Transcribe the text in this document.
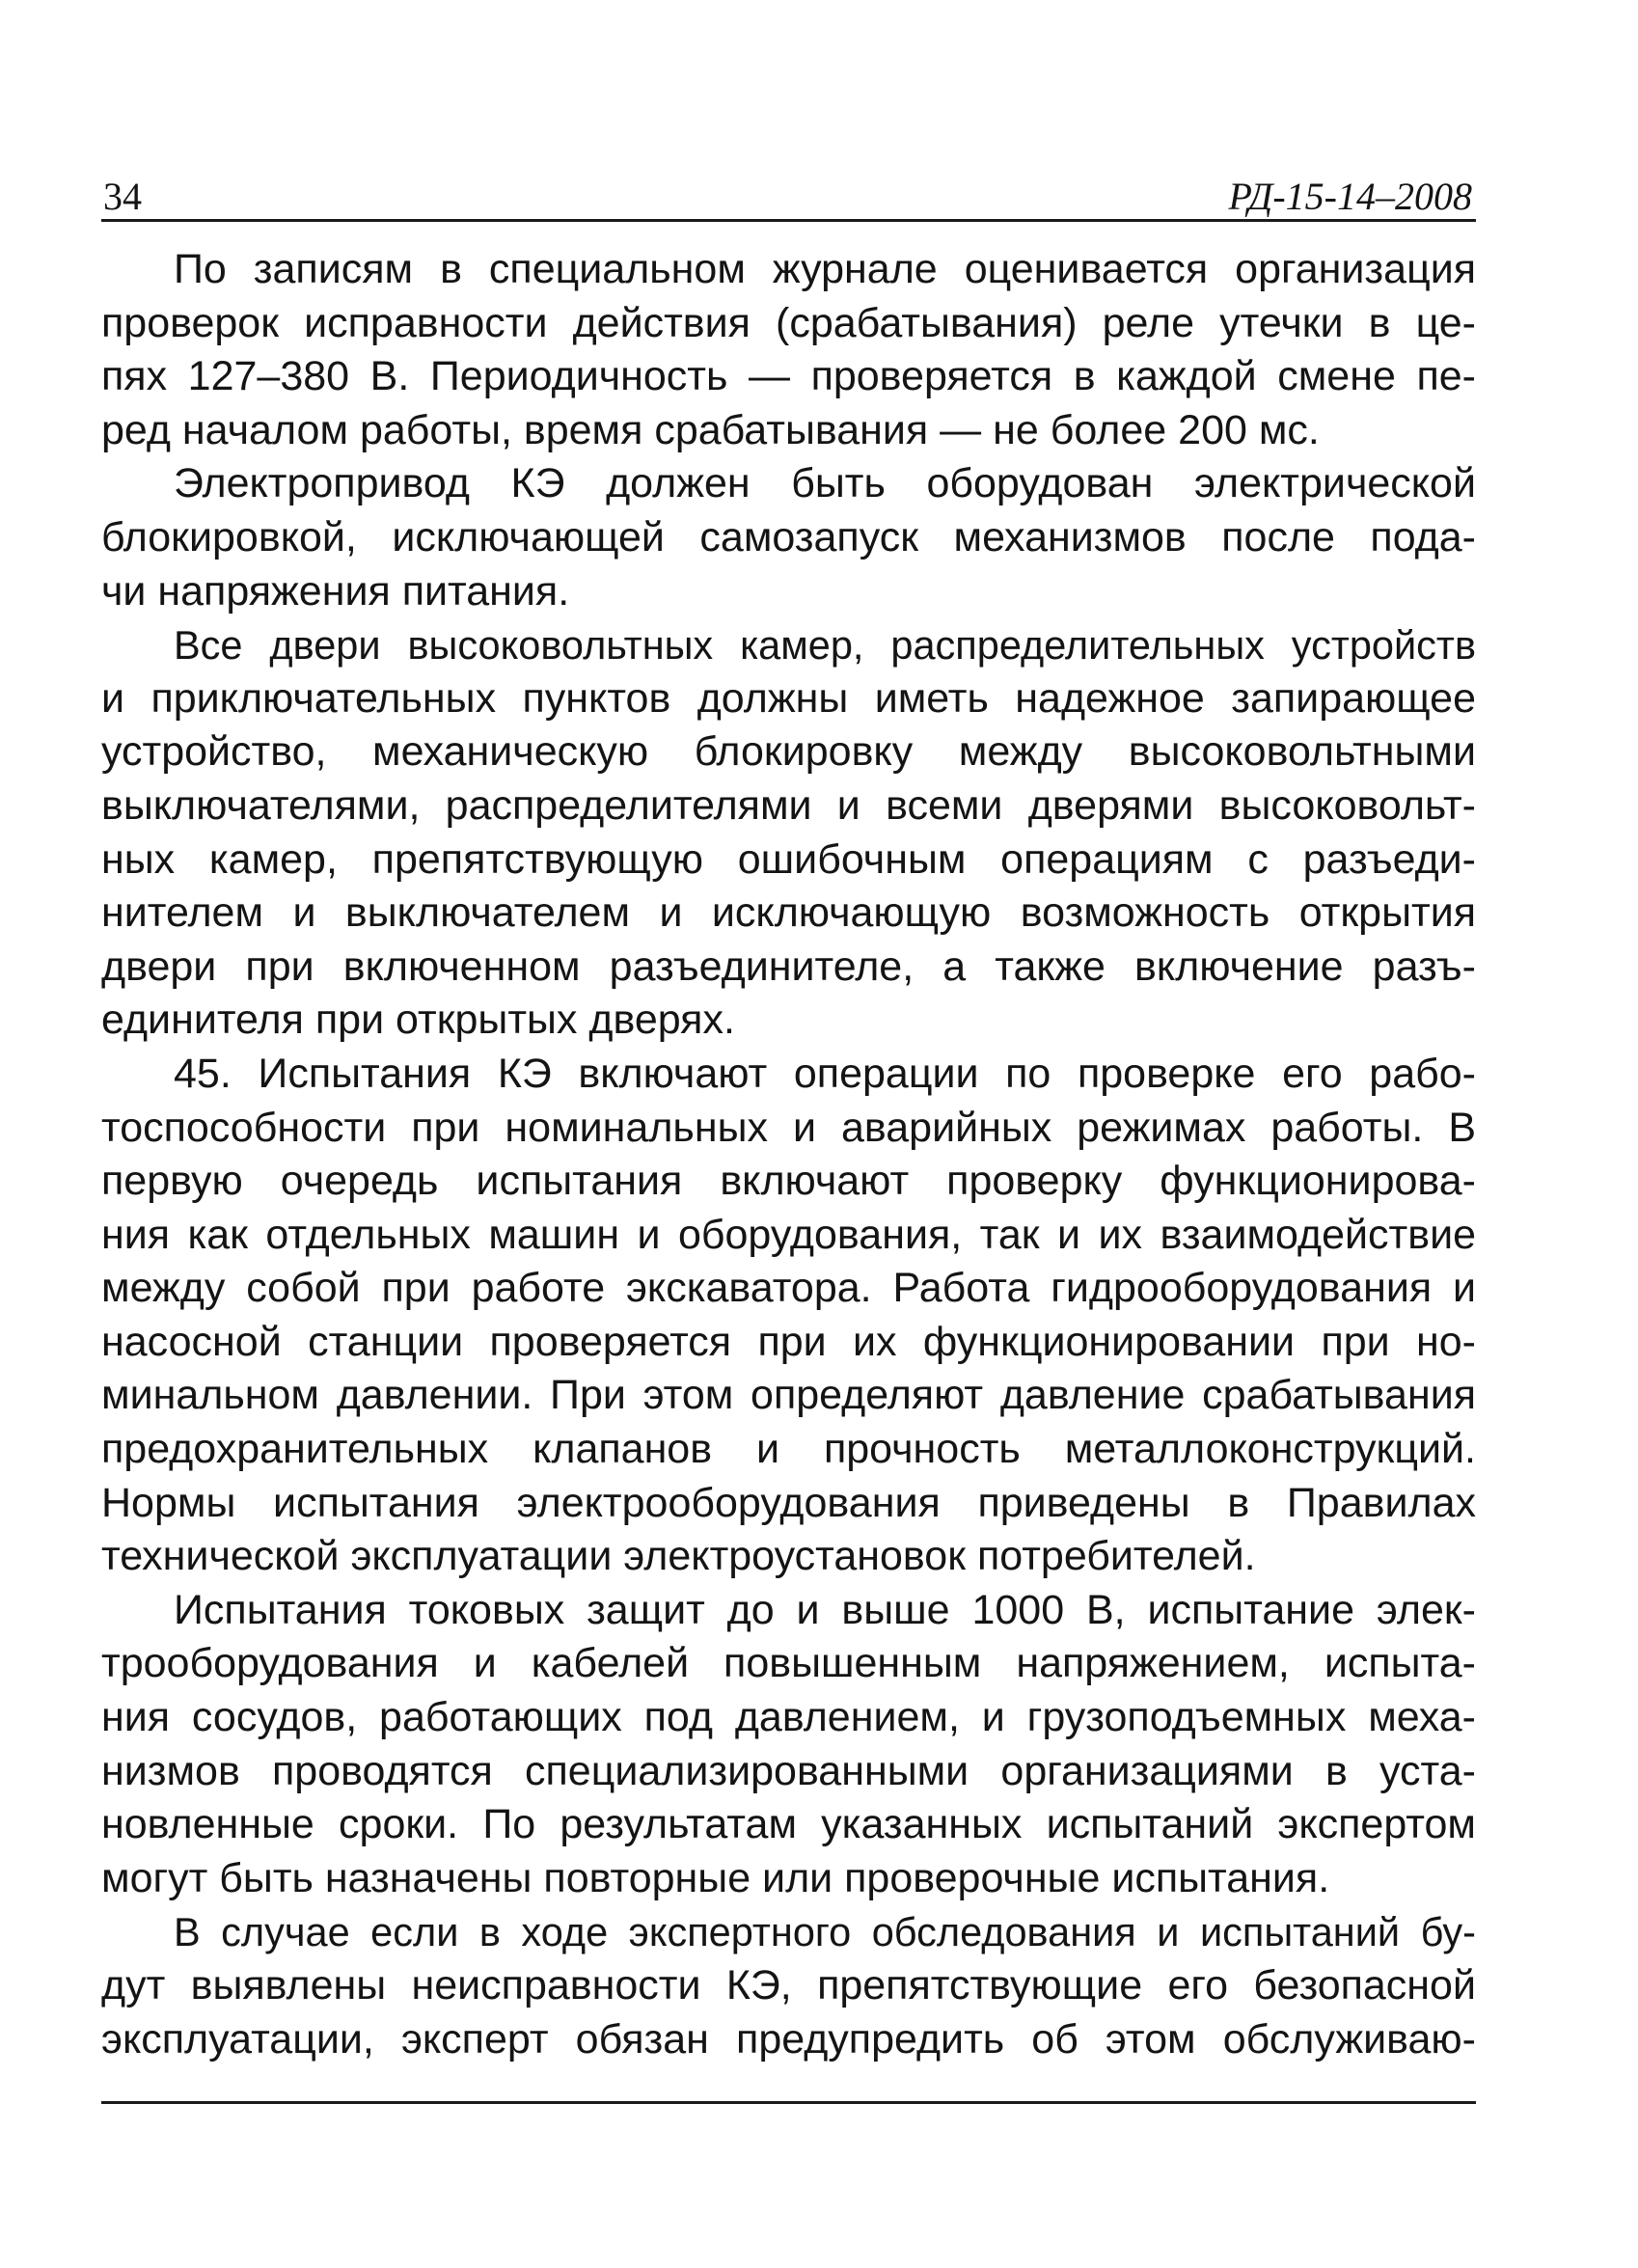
34	РД-15-14–2008
По записям в специальном журнале оценивается организация
проверок исправности действия (срабатывания) реле утечки в це-
пях 127–380 В. Периодичность — проверяется в каждой смене пе-
ред началом работы, время срабатывания — не более 200 мс.
Электропривод КЭ должен быть оборудован электрической
блокировкой, исключающей самозапуск механизмов после пода-
чи напряжения питания.
Все двери высоковольтных камер, распределительных устройств
и приключательных пунктов должны иметь надежное запирающее
устройство, механическую блокировку между высоковольтными
выключателями, распределителями и всеми дверями высоковольт-
ных камер, препятствующую ошибочным операциям с разъеди-
нителем и выключателем и исключающую возможность открытия
двери при включенном разъединителе, а также включение разъ-
единителя при открытых дверях.
45. Испытания КЭ включают операции по проверке его рабо-
тоспособности при номинальных и аварийных режимах работы. В
первую очередь испытания включают проверку функционирова-
ния как отдельных машин и оборудования, так и их взаимодействие
между собой при работе экскаватора. Работа гидрооборудования и
насосной станции проверяется при их функционировании при но-
минальном давлении. При этом определяют давление срабатывания
предохранительных клапанов и прочность металлоконструкций.
Нормы испытания электрооборудования приведены в Правилах
технической эксплуатации электроустановок потребителей.
Испытания токовых защит до и выше 1000 В, испытание элек-
трооборудования и кабелей повышенным напряжением, испыта-
ния сосудов, работающих под давлением, и грузоподъемных меха-
низмов проводятся специализированными организациями в уста-
новленные сроки. По результатам указанных испытаний экспертом
могут быть назначены повторные или проверочные испытания.
В случае если в ходе экспертного обследования и испытаний бу-
дут выявлены неисправности КЭ, препятствующие его безопасной
эксплуатации, эксперт обязан предупредить об этом обслуживаю-
